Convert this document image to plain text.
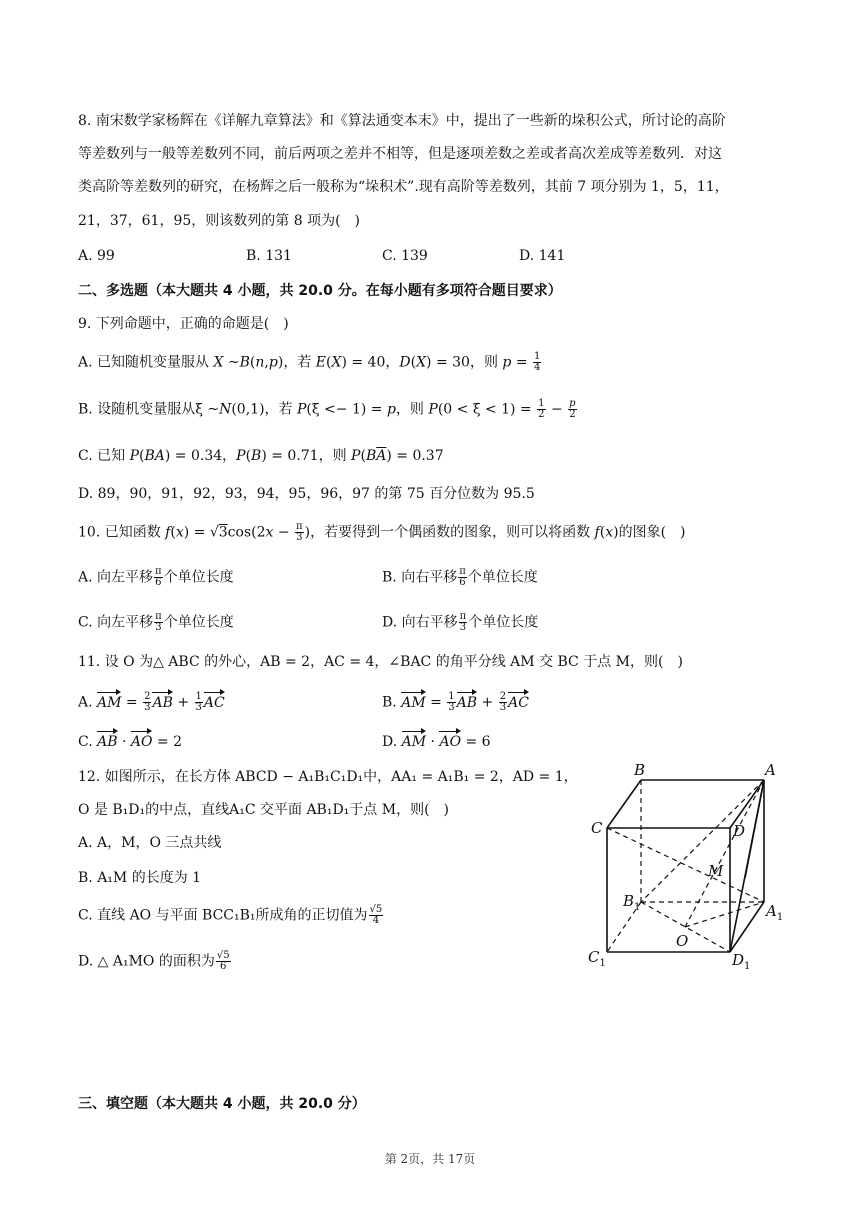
8. 南宋数学家杨辉在《详解九章算法》和《算法通变本末》中，提出了一些新的垛积公式，所讨论的高阶
等差数列与一般等差数列不同，前后两项之差并不相等，但是逐项差数之差或者高次差成等差数列．对这
类高阶等差数列的研究，在杨辉之后一般称为“垛积术”.现有高阶等差数列，其前 7 项分别为 1，5，11，
21，37，61，95，则该数列的第 8 项为(　)
A. 99	B. 131	C. 139	D. 141
二、多选题（本大题共 4 小题，共 20.0 分。在每小题有多项符合题目要求）
9. 下列命题中，正确的命题是(　)
A. 已知随机变量服从 X ~B(n,p)，若 E(X) = 40，D(X) = 30，则 $p = \frac{1}{4}$
B. 设随机变量服从ξ ~N(0,1)，若 P(ξ <− 1) = p，则 $P(0 < \xi < 1) = \frac{1}{2} - \frac{p}{2}$
C. 已知 P(BA) = 0.34，P(B) = 0.71，则 $P(B\overline{A}) = 0.37$
D. 89，90，91，92，93，94，95，96，97 的第 75 百分位数为 95.5
10. 已知函数 $f(x) = √3\cos(2x - \frac{\pi}{3}$ )，若要得到一个偶函数的图象，则可以将函数 f(x)的图象(　)
A. 向左平移 $\frac{\pi}{6}$ 个单位长度	B. 向右平移 $\frac{\pi}{6}$ 个单位长度
C. 向左平移 $\frac{\pi}{3}$ 个单位长度	D. 向右平移 $\frac{\pi}{3}$ 个单位长度
11. 设 O 为△ ABC 的外心，AB = 2，AC = 4，∠BAC 的角平分线 AM 交 BC 于点 M，则(　)
A. AM = $\frac{2}{3}$ AB + $\frac{1}{3}$ AC	B. AM = $\frac{1}{3}$ AB + $\frac{2}{3}$ AC
C. AB · AO = 2	D. AM · AO = 6
12. 如图所示，在长方体 ABCD − A₁B₁C₁D₁中，AA₁ = A₁B₁ = 2，AD = 1，
O 是 B₁D₁的中点，直线A₁C 交平面 AB₁D₁于点 M，则(　)
A. A，M，O 三点共线
B. A₁M 的长度为 1
C. 直线 AO 与平面 BCC₁B₁所成角的正切值为 $\frac{√5}{4}$
D. △ A₁MO 的面积为 $\frac{√5}{6}$
B	A
C	D
M
$B_1$	$A_1$
O
$C_1$	$D_1$
三、填空题（本大题共 4 小题，共 20.0 分）
第 2页，共 17页
